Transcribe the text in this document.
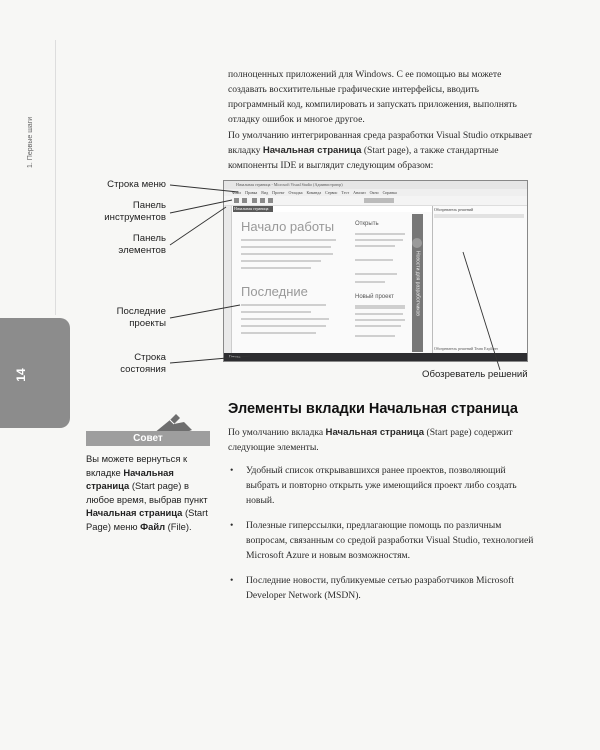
1. Первые шаги
14
полноценных приложений для Windows. С ее помощью вы можете создавать восхитительные графические интерфейсы, вводить программный код, компилировать и запускать приложения, выполнять отладку ошибок и многое другое.
По умолчанию интегрированная среда разработки Visual Studio открывает вкладку Начальная страница (Start page), а также стандартные компоненты IDE и выглядит следующим образом:
Начальная страница - Microsoft Visual Studio (Администратор)
Файл Правка Вид Проект Отладка Команда Сервис Тест Анализ Окно Справка
Начальная страница
Начало работы
Последние
Открыть
Новый проект	Новости для разработчиков
Обозреватель решений
Обозреватель решений Team Explorer
Готово
Строка меню
Панель инструментов
Панель элементов
Последние проекты
Строка состояния	Обозреватель решений
Элементы вкладки Начальная страница
По умолчанию вкладка Начальная страница (Start page) содержит следующие элементы.
• Удобный список открывавшихся ранее проектов, позволяющий выбрать и повторно открыть уже имеющийся проект либо создать новый.
• Полезные гиперссылки, предлагающие помощь по различным вопросам, связанным со средой разработки Visual Studio, технологией Microsoft Azure и новым возможностям.
• Последние новости, публикуемые сетью разработчиков Microsoft Developer Network (MSDN).
Совет
Вы можете вернуться к вкладке Начальная страница (Start page) в любое время, выбрав пункт Начальная страница (Start Page) меню Файл (File).
